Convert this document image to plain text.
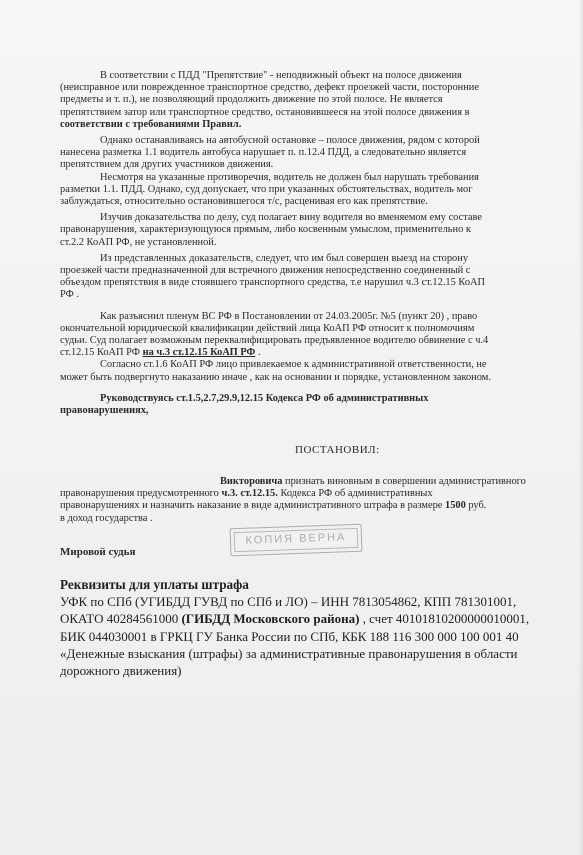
В соответствии с ПДД "Препятствие" - неподвижный объект на полосе движения

(неисправное или поврежденное транспортное средство, дефект проезжей части, посторонние

предметы и т. п.), не позволяющий продолжить движение по этой полосе. Не является

препятствием затор или транспортное средство, остановившееся на этой полосе движения в

соответствии с требованиями Правил.

Однако останавливаясь на автобусной остановке – полосе движения, рядом с которой

нанесена разметка 1.1 водитель автобуса нарушает п. п.12.4 ПДД, а следовательно является

препятствием для других участников движения.

Несмотря на указанные противоречия, водитель не должен был нарушать требования

разметки 1.1. ПДД. Однако, суд допускает, что при указанных обстоятельствах, водитель мог

заблуждаться, относительно остановившегося т/с, расценивая его как препятствие.

Изучив доказательства по делу, суд полагает вину водителя во вменяемом ему составе

правонарушения, характеризующуюся прямым, либо косвенным умыслом, применительно к

ст.2.2 КоАП РФ, не установленной.

Из представленных доказательств, следует, что им был совершен выезд на сторону

проезжей части предназначенной для встречного движения непосредственно соединенный с

объездом препятствия в виде стоявшего транспортного средства, т.е нарушил ч.3 ст.12.15 КоАП

РФ .

Как разъяснил пленум ВС РФ в Постановлении от 24.03.2005г. №5 (пункт 20) , право

окончательной юридической квалификации действий лица КоАП РФ относит к полномочиям

судьи. Суд полагает возможным переквалифицировать предъявленное водителю обвинение с ч.4

ст.12.15 КоАП РФ на ч.3 ст.12.15 КоАП РФ .

Согласно ст.1.6 КоАП РФ лицо привлекаемое к административной ответственности, не

может быть подвергнуто наказанию иначе , как на основании и порядке, установленном законом.

Руководствуясь ст.1.5,2.7,29.9,12.15 Кодекса РФ об административных

правонарушениях,

ПОСТАНОВИЛ:

Викторовича признать виновным в совершении административного

правонарушения предусмотренного ч.3. ст.12.15. Кодекса РФ об административных

правонарушениях и назначить наказание в виде административного штрафа в размере 1500 руб.

в доход государства .

КОПИЯ ВЕРНА
Мировой судья

Реквизиты для уплаты штрафа

УФК по СПб (УГИБДД ГУВД по СПб и ЛО) – ИНН 7813054862, КПП 781301001,

ОКАТО 40284561000 (ГИБДД Московского района) , счет 40101810200000010001,

БИК 044030001 в ГРКЦ ГУ Банка России по СПб, КБК 188 116 300 000 100 001 40

«Денежные взыскания (штрафы) за административные правонарушения в области

дорожного движения)
